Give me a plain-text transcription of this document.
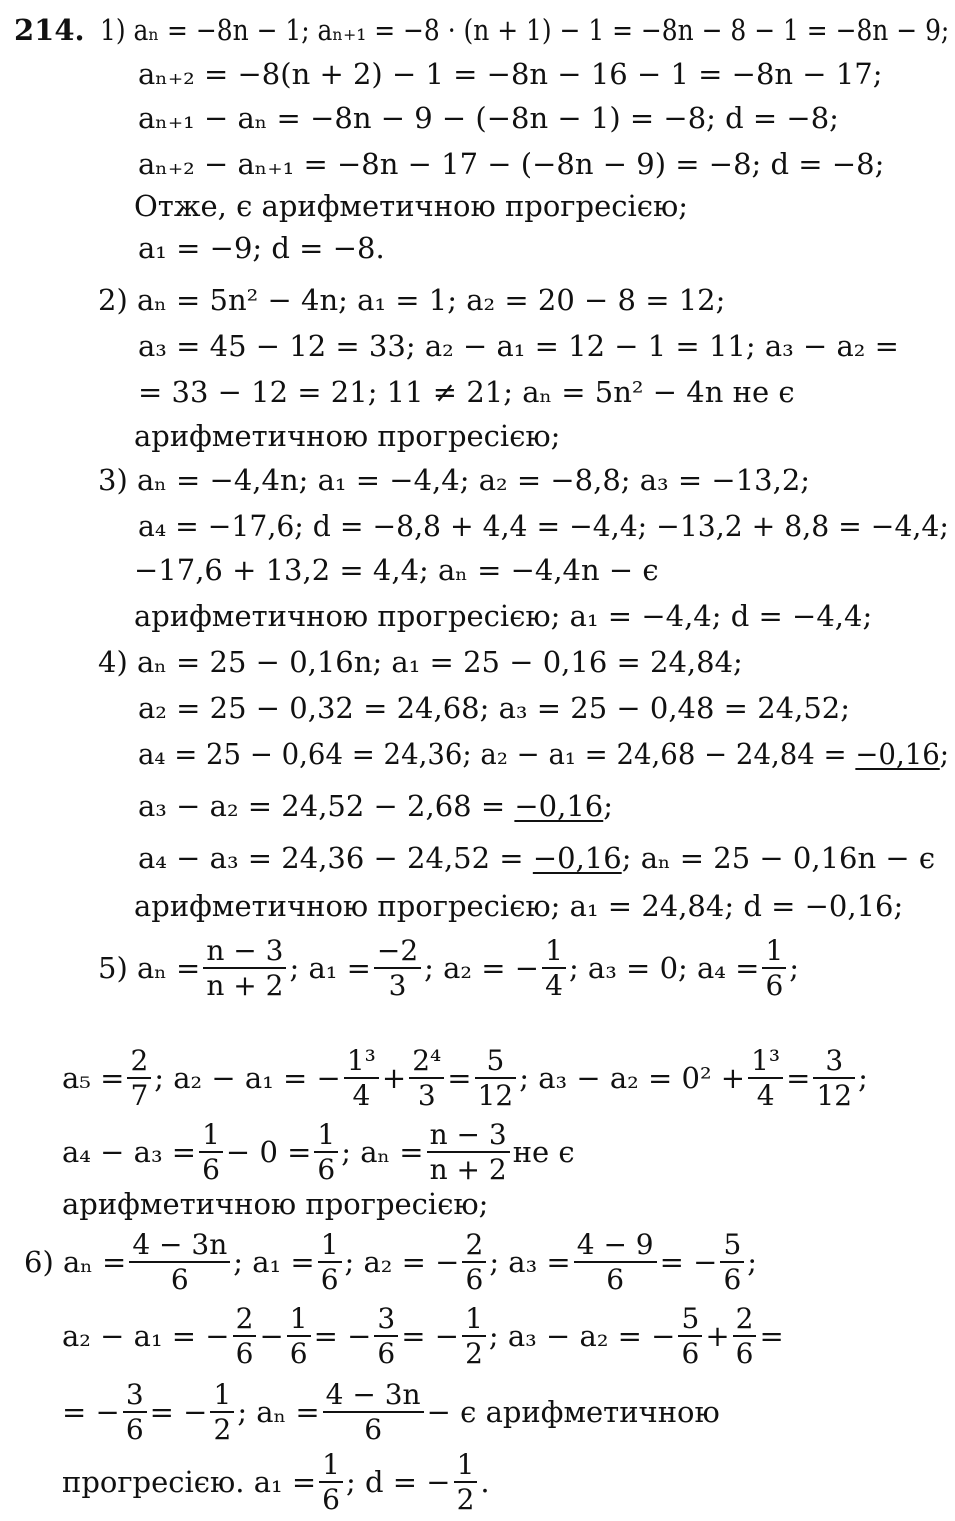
214. 1) aₙ = −8n − 1; aₙ₊₁ = −8 · (n + 1) − 1 = −8n − 8 − 1 = −8n − 9;
aₙ₊₂ = −8(n + 2) − 1 = −8n − 16 − 1 = −8n − 17;
aₙ₊₁ − aₙ = −8n − 9 − (−8n − 1) = −8; d = −8;
aₙ₊₂ − aₙ₊₁ = −8n − 17 − (−8n − 9) = −8; d = −8;
Отже, є арифметичною прогресією;
a₁ = −9; d = −8.
2) aₙ = 5n² − 4n; a₁ = 1; a₂ = 20 − 8 = 12;
a₃ = 45 − 12 = 33; a₂ − a₁ = 12 − 1 = 11; a₃ − a₂ =
= 33 − 12 = 21; 11 ≠ 21; aₙ = 5n² − 4n не є
арифметичною прогресією;
3) aₙ = −4,4n; a₁ = −4,4; a₂ = −8,8; a₃ = −13,2;
a₄ = −17,6; d = −8,8 + 4,4 = −4,4; −13,2 + 8,8 = −4,4;
−17,6 + 13,2 = 4,4; aₙ = −4,4n − є
арифметичною прогресією; a₁ = −4,4; d = −4,4;
4) aₙ = 25 − 0,16n; a₁ = 25 − 0,16 = 24,84;
a₂ = 25 − 0,32 = 24,68; a₃ = 25 − 0,48 = 24,52;
a₄ = 25 − 0,64 = 24,36; a₂ − a₁ = 24,68 − 24,84 = −0,16;
a₃ − a₂ = 24,52 − 2,68 = −0,16;
a₄ − a₃ = 24,36 − 24,52 = −0,16; aₙ = 25 − 0,16n − є
арифметичною прогресією; a₁ = 24,84; d = −0,16;
5) $a_n = \frac{n - 3}{n + 2}$ ; $a_1 = \frac{-2}{3}$ ; a₂ = − $\frac{1}{4}$ ; a₃ = 0; $a_4 = \frac{1}{6}$ ;
$a_5 = \frac{2}{7}$ ; a₂ − a₁ = − $\frac{\text{1³}}{4} + \frac{\text{2⁴}}{3} = \frac{5}{12}$ ; $a_3 - a_2 = 0^2 + \frac{\text{1³}}{4} = \frac{3}{12}$ ;
$a_4 - a_3 = \frac{1}{6} - 0 = \frac{1}{6}$ ; $a_n = \frac{n - 3}{n + 2}$ не є
арифметичною прогресією;
6) $a_n = \frac{4 - 3n}{6}$ ; $a_1 = \frac{1}{6}$ ; a₂ = − $\frac{2}{6}$ ; $a_3 = \frac{4 - 9}{6}$ = − $\frac{5}{6}$ ;
a₂ − a₁ = − $\frac{2}{6} - \frac{1}{6}$ = − $\frac{3}{6}$ = − $\frac{1}{2}$ ; a₃ − a₂ = − $\frac{5}{6} + \frac{2}{6}$ =
= − $\frac{3}{6}$ = − $\frac{1}{2}$ ; $a_n = \frac{4 - 3n}{6} - є$ арифметичною
прогресією. $a_1 = \frac{1}{6}$ ; d = − $\frac{1}{2}$ .
